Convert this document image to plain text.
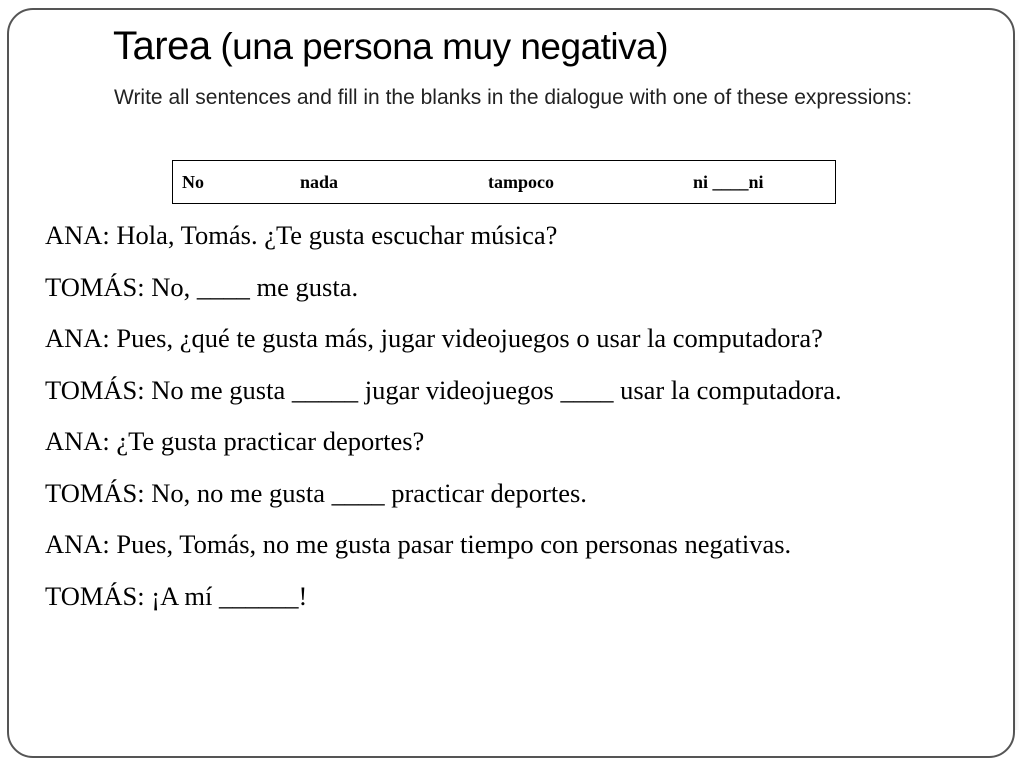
Tarea (una persona muy negativa)

Write all sentences and fill in the blanks in the dialogue with one of these expressions:

No	nada	tampoco	ni ____ni
ANA: Hola, Tomás. ¿Te gusta escuchar música?
TOMÁS: No, ____ me gusta.
ANA: Pues, ¿qué te gusta más, jugar videojuegos o usar la computadora?
TOMÁS: No me gusta _____ jugar videojuegos ____ usar la computadora.
ANA: ¿Te gusta practicar deportes?
TOMÁS: No, no me gusta ____ practicar deportes.
ANA: Pues, Tomás, no me gusta pasar tiempo con personas negativas.
TOMÁS: ¡A mí ______!
